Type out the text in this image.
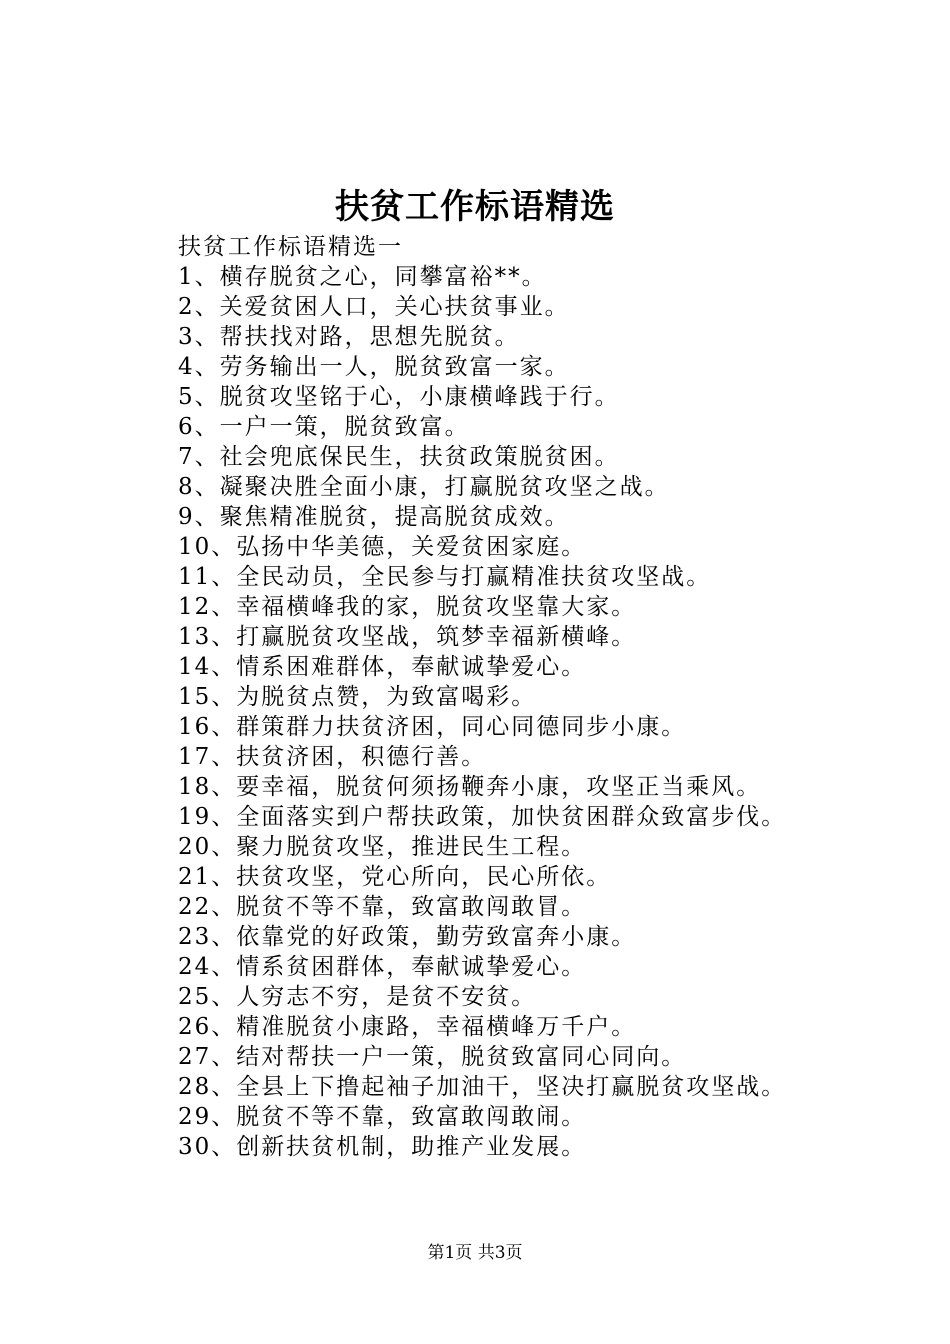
扶贫工作标语精选
扶贫工作标语精选一
1、横存脱贫之心，同攀富裕**。
2、关爱贫困人口，关心扶贫事业。
3、帮扶找对路，思想先脱贫。
4、劳务输出一人，脱贫致富一家。
5、脱贫攻坚铭于心，小康横峰践于行。
6、一户一策，脱贫致富。
7、社会兜底保民生，扶贫政策脱贫困。
8、凝聚决胜全面小康，打赢脱贫攻坚之战。
9、聚焦精准脱贫，提高脱贫成效。
10、弘扬中华美德，关爱贫困家庭。
11、全民动员，全民参与打赢精准扶贫攻坚战。
12、幸福横峰我的家，脱贫攻坚靠大家。
13、打赢脱贫攻坚战，筑梦幸福新横峰。
14、情系困难群体，奉献诚挚爱心。
15、为脱贫点赞，为致富喝彩。
16、群策群力扶贫济困，同心同德同步小康。
17、扶贫济困，积德行善。
18、要幸福，脱贫何须扬鞭奔小康，攻坚正当乘风。
19、全面落实到户帮扶政策，加快贫困群众致富步伐。
20、聚力脱贫攻坚，推进民生工程。
21、扶贫攻坚，党心所向，民心所依。
22、脱贫不等不靠，致富敢闯敢冒。
23、依靠党的好政策，勤劳致富奔小康。
24、情系贫困群体，奉献诚挚爱心。
25、人穷志不穷，是贫不安贫。
26、精准脱贫小康路，幸福横峰万千户。
27、结对帮扶一户一策，脱贫致富同心同向。
28、全县上下撸起袖子加油干，坚决打赢脱贫攻坚战。
29、脱贫不等不靠，致富敢闯敢闹。
30、创新扶贫机制，助推产业发展。
第1页 共3页
